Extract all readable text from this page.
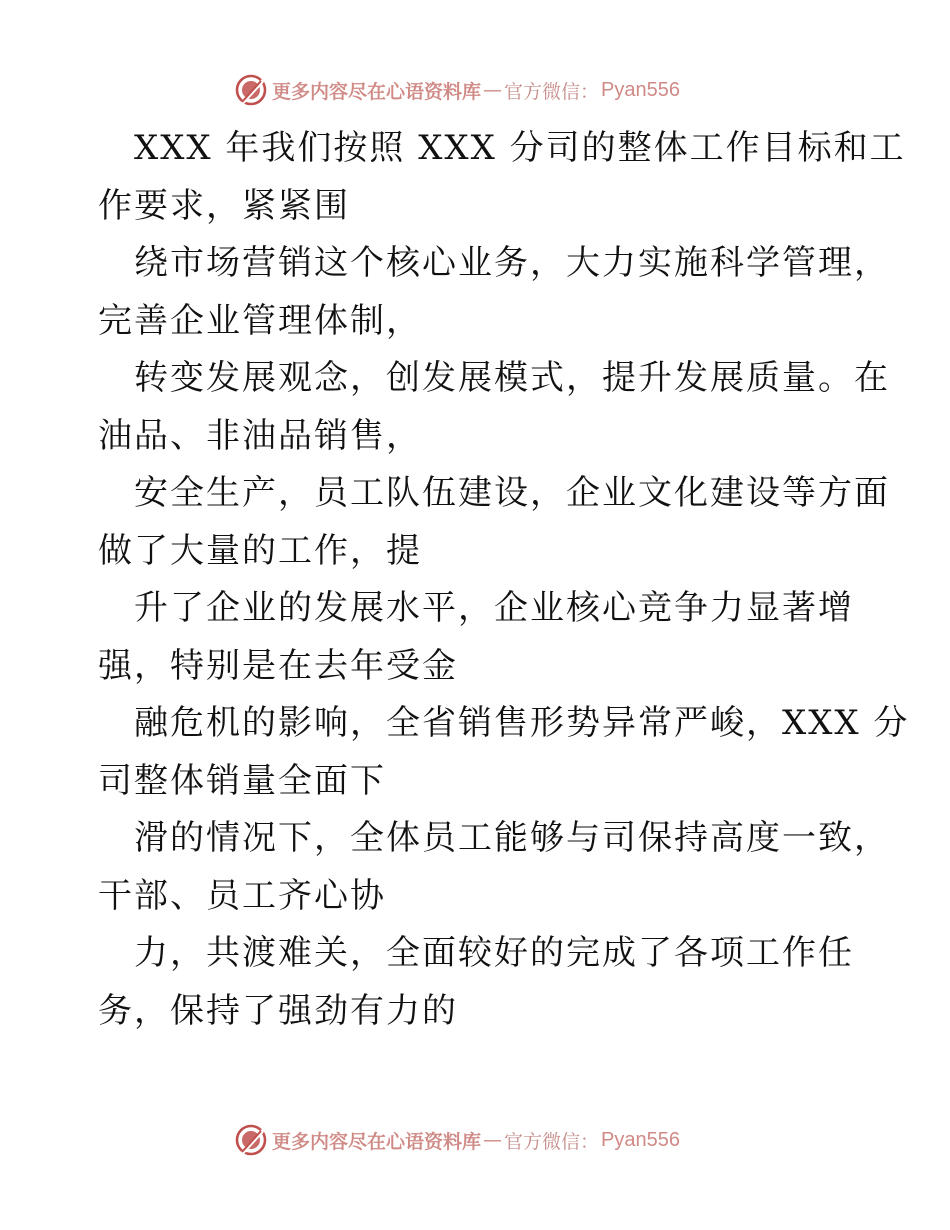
更多内容尽在心语资料库 — 官方微信： Pyan556
XXX 年我们按照 XXX 分司的整体工作目标和工
作要求，紧紧围
绕市场营销这个核心业务，大力实施科学管理，
完善企业管理体制，
转变发展观念，创发展模式，提升发展质量。在
油品、非油品销售，
安全生产，员工队伍建设，企业文化建设等方面
做了大量的工作，提
升了企业的发展水平，企业核心竞争力显著增
强，特别是在去年受金
融危机的影响，全省销售形势异常严峻，XXX 分
司整体销量全面下
滑的情况下，全体员工能够与司保持高度一致，
干部、员工齐心协
力，共渡难关，全面较好的完成了各项工作任
务，保持了强劲有力的
更多内容尽在心语资料库 — 官方微信： Pyan556
